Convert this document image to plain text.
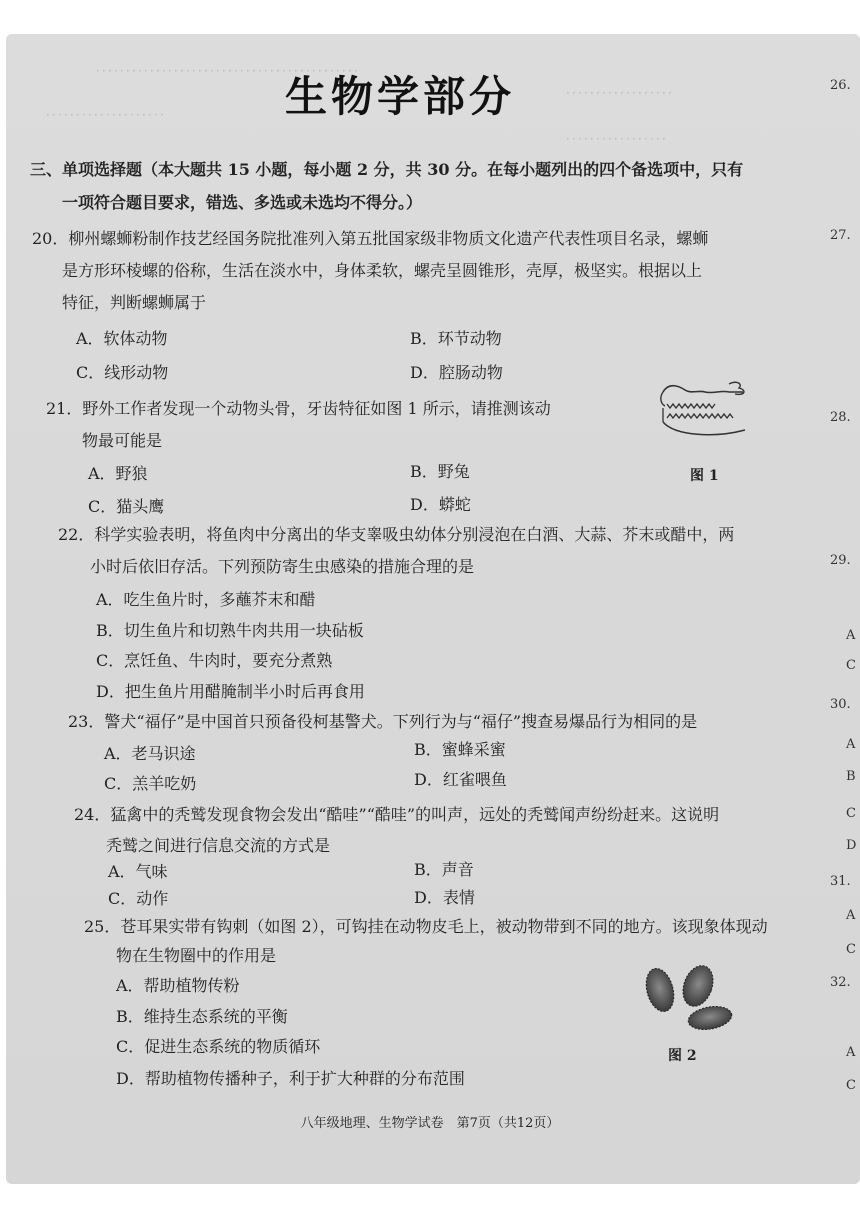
．．．．．．．．．．．．．．．．．．．．．．．．．．．．．．．．．．．．．．．．．．．．
．．．．．．．．．．．．．．．．．．
．．．．．．．．．．．．．．．．．．．．
．．．．．．．．．．．．．．．．．
生物学部分
三、单项选择题（本大题共 15 小题，每小题 2 分，共 30 分。在每小题列出的四个备选项中，只有
一项符合题目要求，错选、多选或未选均不得分。）
20．柳州螺蛳粉制作技艺经国务院批准列入第五批国家级非物质文化遗产代表性项目名录，螺蛳
是方形环棱螺的俗称，生活在淡水中，身体柔软，螺壳呈圆锥形，壳厚，极坚实。根据以上
特征，判断螺蛳属于
A．软体动物	B．环节动物
C．线形动物	D．腔肠动物
21．野外工作者发现一个动物头骨，牙齿特征如图 1 所示，请推测该动
物最可能是
A．野狼	B．野兔
C．猫头鹰	D．蟒蛇
图 1
22．科学实验表明，将鱼肉中分离出的华支睾吸虫幼体分别浸泡在白酒、大蒜、芥末或醋中，两
小时后依旧存活。下列预防寄生虫感染的措施合理的是
A．吃生鱼片时，多蘸芥末和醋
B．切生鱼片和切熟牛肉共用一块砧板
C．烹饪鱼、牛肉时，要充分煮熟
D．把生鱼片用醋腌制半小时后再食用
23．警犬“福仔”是中国首只预备役柯基警犬。下列行为与“福仔”搜查易爆品行为相同的是
A．老马识途	B．蜜蜂采蜜
C．羔羊吃奶	D．红雀喂鱼
24．猛禽中的秃鹫发现食物会发出“酷哇”“酷哇”的叫声，远处的秃鹫闻声纷纷赶来。这说明
秃鹫之间进行信息交流的方式是
A．气味	B．声音
C．动作	D．表情
25．苍耳果实带有钩刺（如图 2），可钩挂在动物皮毛上，被动物带到不同的地方。该现象体现动
物在生物圈中的作用是
A．帮助植物传粉
B．维持生态系统的平衡
C．促进生态系统的物质循环
D．帮助植物传播种子，利于扩大种群的分布范围
图 2
八年级地理、生物学试卷　第7页（共12页）
26.
27.
28.
29.
30.
31.
32.
A
C
A
B
C
D
A
C
A
C
